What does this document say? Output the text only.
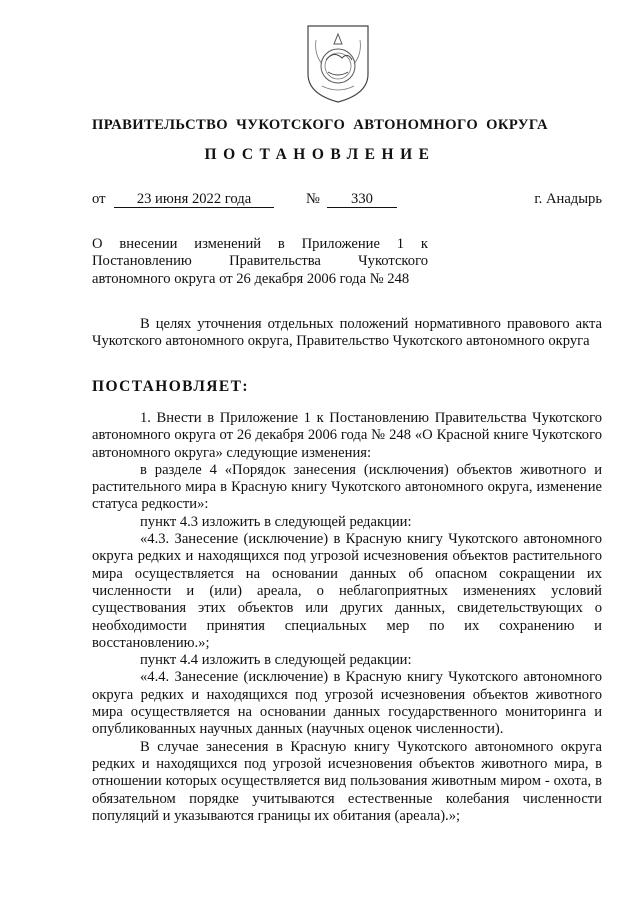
ПРАВИТЕЛЬСТВО ЧУКОТСКОГО АВТОНОМНОГО ОКРУГА
ПОСТАНОВЛЕНИЕ
от	23 июня 2022 года	№	330	г. Анадырь
О внесении изменений в Приложение 1 к Постановлению Правительства Чукотского автономного округа от 26 декабря 2006 года № 248

В целях уточнения отдельных положений нормативного правового акта Чукотского автономного округа, Правительство Чукотского автономного округа

ПОСТАНОВЛЯЕТ:

1. Внести в Приложение 1 к Постановлению Правительства Чукотского автономного округа от 26 декабря 2006 года № 248 «О Красной книге Чукотского автономного округа» следующие изменения:

в разделе 4 «Порядок занесения (исключения) объектов животного и растительного мира в Красную книгу Чукотского автономного округа, изменение статуса редкости»:

пункт 4.3 изложить в следующей редакции:

«4.3. Занесение (исключение) в Красную книгу Чукотского автономного округа редких и находящихся под угрозой исчезновения объектов растительного мира осуществляется на основании данных об опасном сокращении их численности и (или) ареала, о неблагоприятных изменениях условий существования этих объектов или других данных, свидетельствующих о необходимости принятия специальных мер по их сохранению и восстановлению.»;

пункт 4.4 изложить в следующей редакции:

«4.4. Занесение (исключение) в Красную книгу Чукотского автономного округа редких и находящихся под угрозой исчезновения объектов животного мира осуществляется на основании данных государственного мониторинга и опубликованных научных данных (научных оценок численности).

В случае занесения в Красную книгу Чукотского автономного округа редких и находящихся под угрозой исчезновения объектов животного мира, в отношении которых осуществляется вид пользования животным миром - охота, в обязательном порядке учитываются естественные колебания численности популяций и указываются границы их обитания (ареала).»;
